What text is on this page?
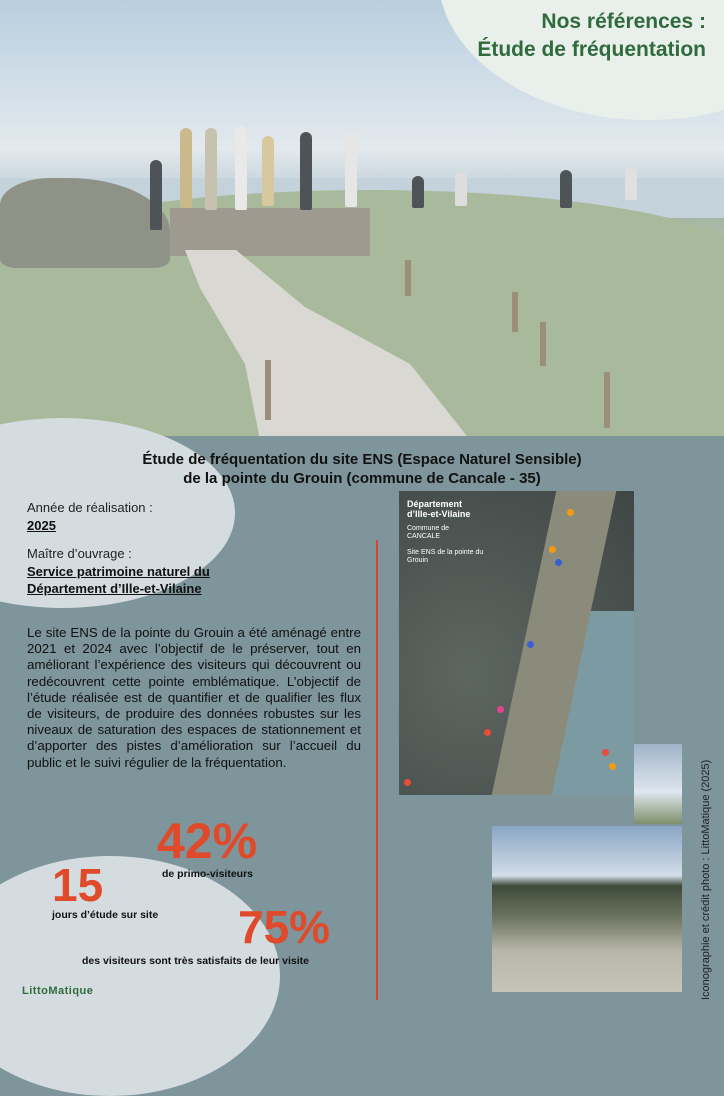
Nos références :
Étude de fréquentation
Étude de fréquentation du site ENS (Espace Naturel Sensible)
de la pointe du Grouin (commune de Cancale - 35)
Année de réalisation :
2025
Maître d’ouvrage :
Service patrimoine naturel du
Département d’Ille-et-Vilaine
Le site ENS de la pointe du Grouin a été aménagé entre 2021 et 2024 avec l’objectif de le préserver, tout en améliorant l’expérience des visiteurs qui découvrent ou redécouvrent cette pointe emblématique. L’objectif de l’étude réalisée est de quantifier et de qualifier les flux de visiteurs, de produire des données robustes sur les niveaux de saturation des espaces de stationnement et d’apporter des pistes d’amélioration sur l’accueil du public et le suivi régulier de la fréquentation.
Département
d’Ille-et-Vilaine
Commune de
CANCALE
Site ENS de la pointe du
Grouin
Iconographie et crédit photo : LittoMatique (2025)
42%
de primo-visiteurs
15
jours d’étude sur site 75%
des visiteurs sont très satisfaits de leur visite
LittoMatique
